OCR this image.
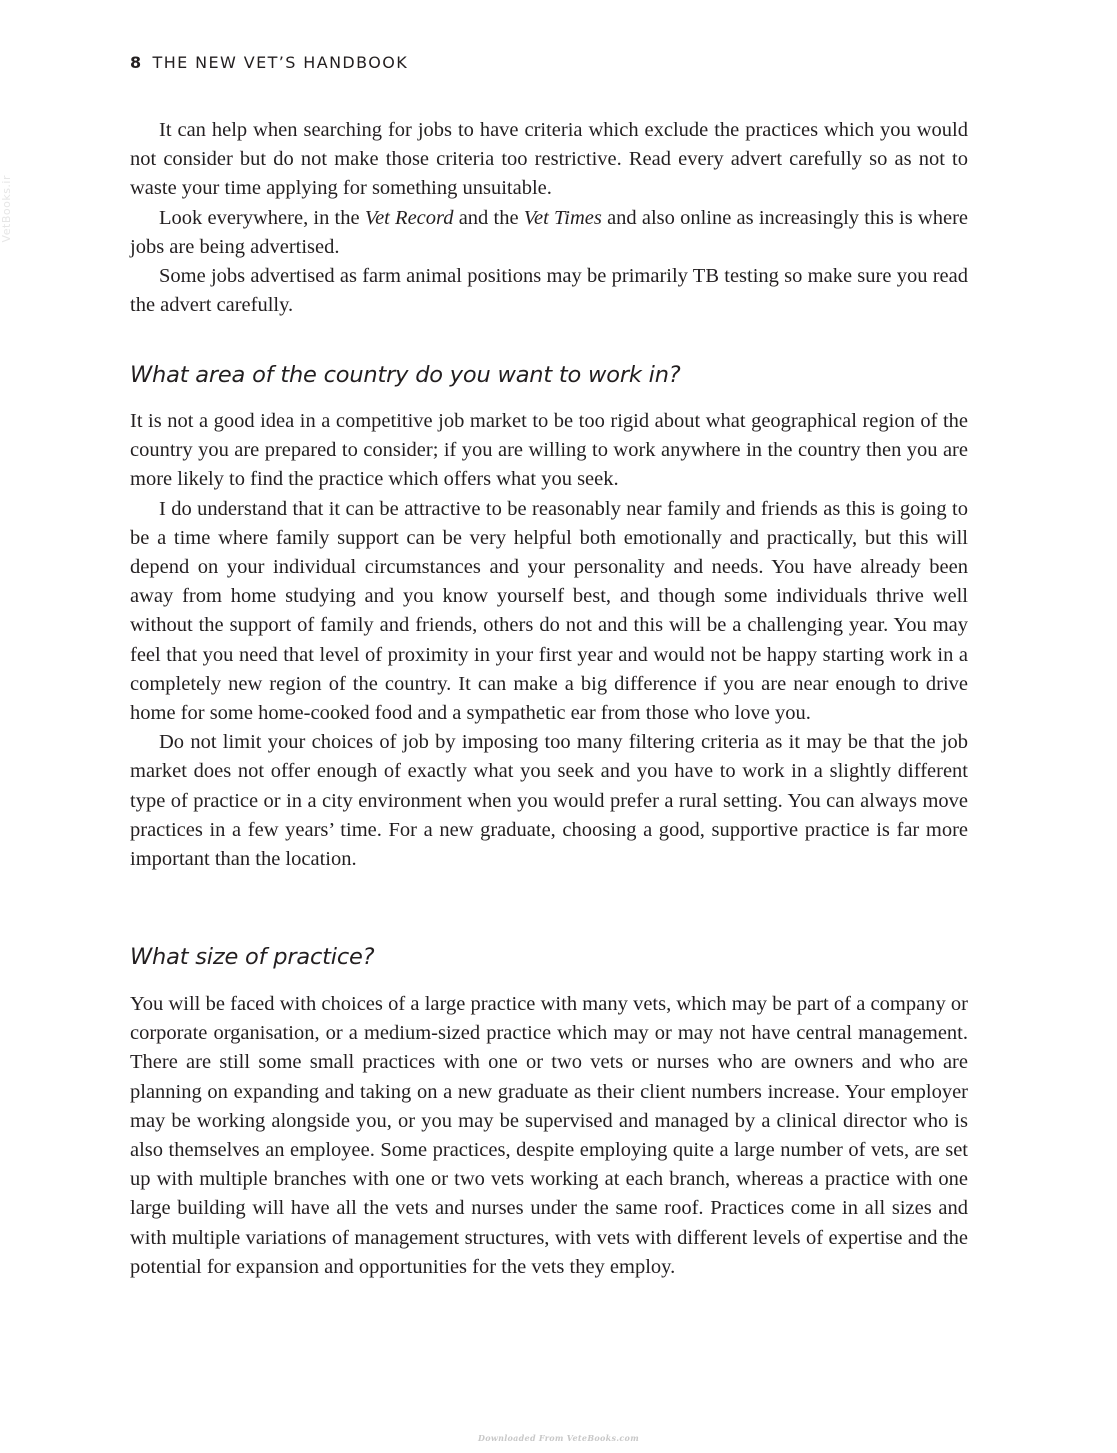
VetBooks.ir
8 THE NEW VET’S HANDBOOK

It can help when searching for jobs to have criteria which exclude the practices which you would not consider but do not make those criteria too restrictive. Read every advert carefully so as not to waste your time applying for something unsuitable.

Look everywhere, in the Vet Record and the Vet Times and also online as increasingly this is where jobs are being advertised.

Some jobs advertised as farm animal positions may be primarily TB testing so make sure you read the advert carefully.

What area of the country do you want to work in?

It is not a good idea in a competitive job market to be too rigid about what geographical region of the country you are prepared to consider; if you are willing to work anywhere in the country then you are more likely to find the practice which offers what you seek.

I do understand that it can be attractive to be reasonably near family and friends as this is going to be a time where family support can be very helpful both emotionally and practically, but this will depend on your individual circumstances and your personality and needs. You have already been away from home studying and you know yourself best, and though some individuals thrive well without the support of family and friends, others do not and this will be a challenging year. You may feel that you need that level of proximity in your first year and would not be happy starting work in a completely new region of the country. It can make a big difference if you are near enough to drive home for some home-cooked food and a sympathetic ear from those who love you.

Do not limit your choices of job by imposing too many filtering criteria as it may be that the job market does not offer enough of exactly what you seek and you have to work in a slightly different type of practice or in a city environment when you would prefer a rural setting. You can always move practices in a few years’ time. For a new graduate, choosing a good, supportive practice is far more important than the location.

What size of practice?

You will be faced with choices of a large practice with many vets, which may be part of a company or corporate organisation, or a medium-sized practice which may or may not have central management. There are still some small practices with one or two vets or nurses who are owners and who are planning on expanding and taking on a new graduate as their client numbers increase. Your employer may be working alongside you, or you may be supervised and managed by a clinical director who is also themselves an employee. Some practices, despite employing quite a large number of vets, are set up with multiple branches with one or two vets working at each branch, whereas a practice with one large building will have all the vets and nurses under the same roof. Practices come in all sizes and with multiple variations of management structures, with vets with different levels of expertise and the potential for expansion and opportunities for the vets they employ.

Downloaded From VeteBooks.com
